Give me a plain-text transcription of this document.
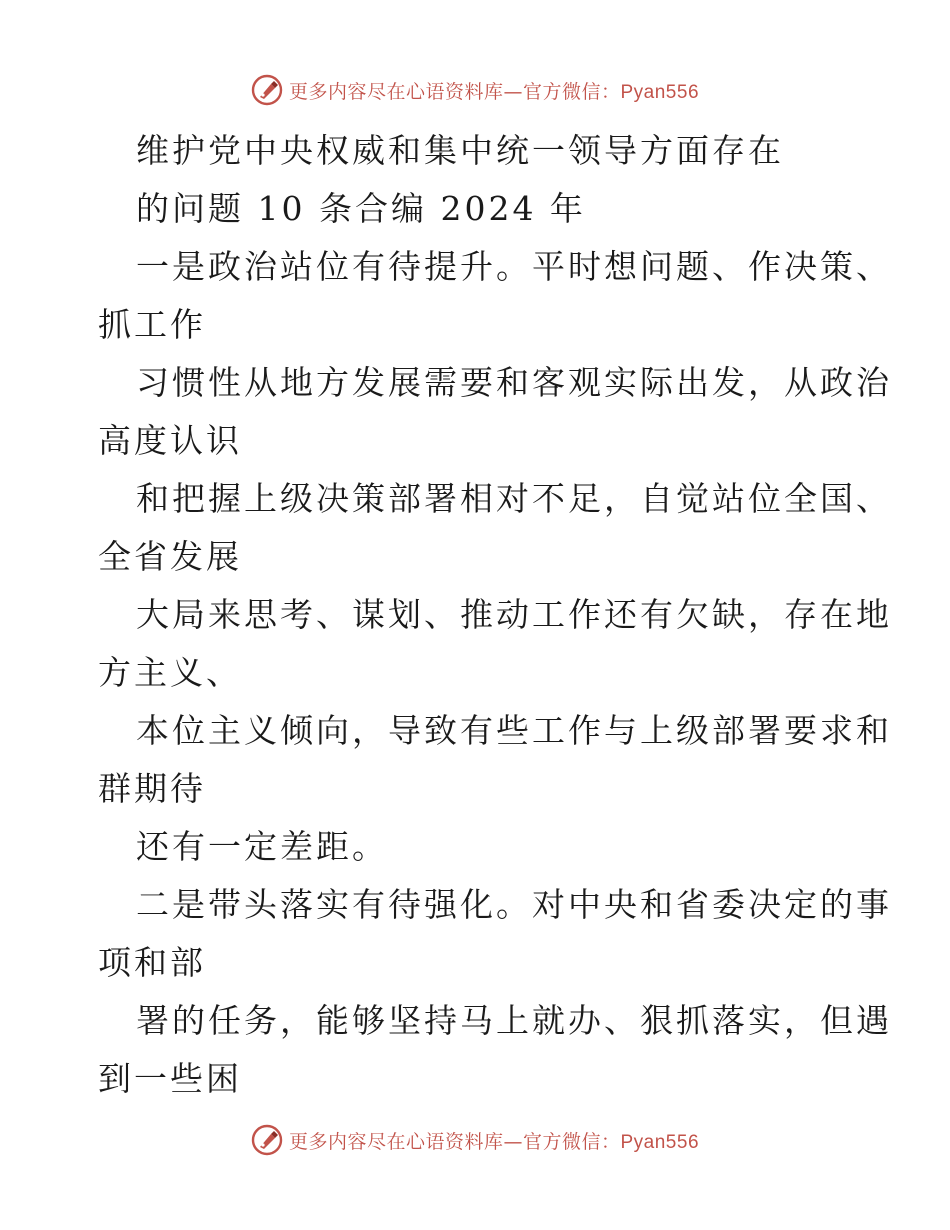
更多内容尽在心语资料库—官方微信：Pyan556
维护党中央权威和集中统一领导方面存在
的问题 10 条合编 2024 年
一是政治站位有待提升。平时想问题、作决策、
抓工作
习惯性从地方发展需要和客观实际出发，从政治
高度认识
和把握上级决策部署相对不足，自觉站位全国、
全省发展
大局来思考、谋划、推动工作还有欠缺，存在地
方主义、
本位主义倾向，导致有些工作与上级部署要求和
群期待
还有一定差距。
二是带头落实有待强化。对中央和省委决定的事
项和部
署的任务，能够坚持马上就办、狠抓落实，但遇
到一些困
更多内容尽在心语资料库—官方微信：Pyan556
